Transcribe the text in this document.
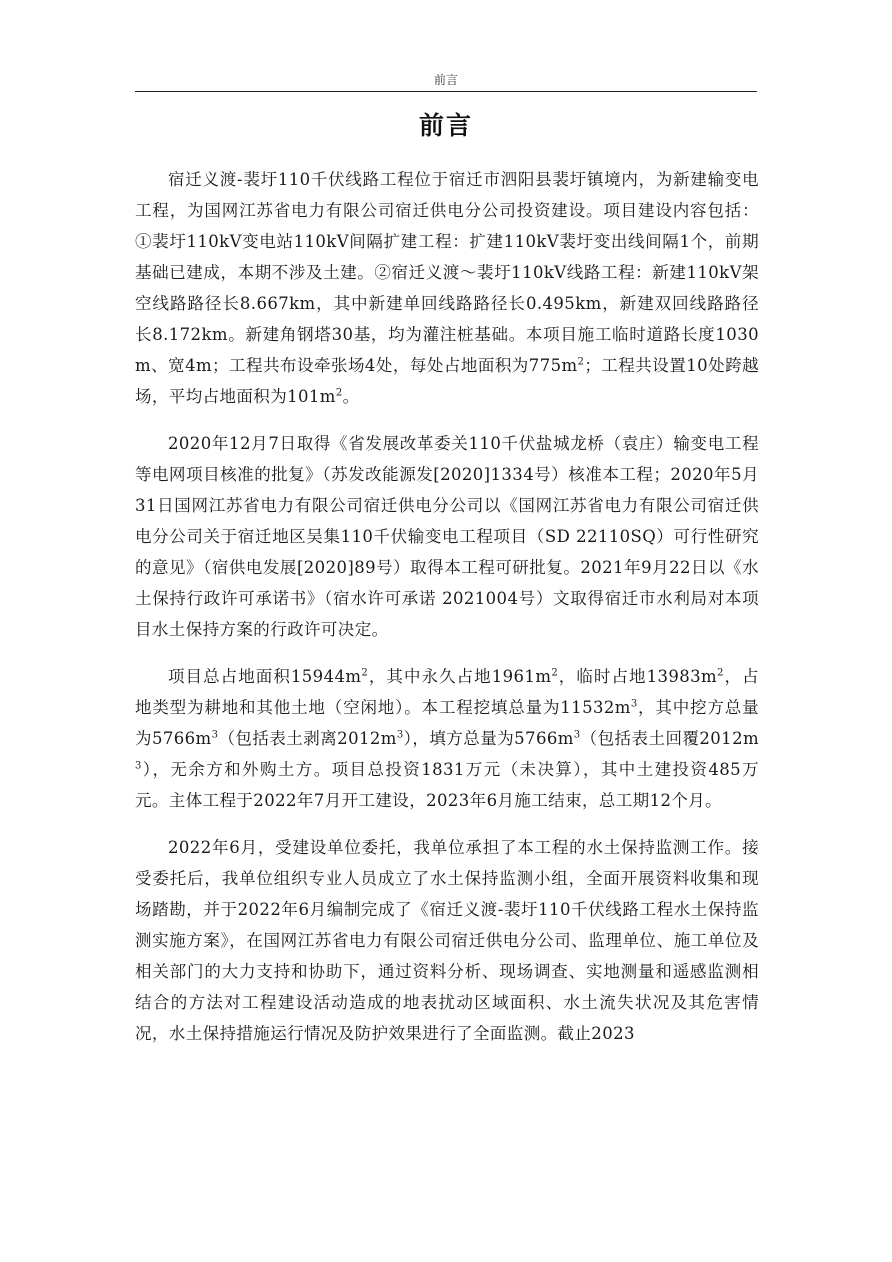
前言
前言

宿迁义渡-裴圩110千伏线路工程位于宿迁市泗阳县裴圩镇境内，为新建输变电工程，为国网江苏省电力有限公司宿迁供电分公司投资建设。项目建设内容包括：①裴圩110kV变电站110kV间隔扩建工程：扩建110kV裴圩变出线间隔1个，前期基础已建成，本期不涉及土建。②宿迁义渡～裴圩110kV线路工程：新建110kV架空线路路径长8.667km，其中新建单回线路路径长0.495km，新建双回线路路径长8.172km。新建角钢塔30基，均为灌注桩基础。本项目施工临时道路长度1030m、宽4m；工程共布设牵张场4处，每处占地面积为$775m^2$；工程共设置10处跨越场，平均占地面积为$101m^2$。

2020年12月7日取得《省发展改革委关110千伏盐城龙桥（袁庄）输变电工程等电网项目核准的批复》（苏发改能源发[2020]1334号）核准本工程；2020年5月31日国网江苏省电力有限公司宿迁供电分公司以《国网江苏省电力有限公司宿迁供电分公司关于宿迁地区吴集110千伏输变电工程项目（SD 22110SQ）可行性研究的意见》（宿供电发展[2020]89号）取得本工程可研批复。2021年9月22日以《水土保持行政许可承诺书》（宿水许可承诺 2021004号）文取得宿迁市水利局对本项目水土保持方案的行政许可决定。

项目总占地面积$15944m^2$，其中永久占地$1961m^2$，临时占地$13983m^2$，占地类型为耕地和其他土地（空闲地）。本工程挖填总量为$11532m^3$，其中挖方总量为$5766m^3$（包括表土剥离$2012m^3$），填方总量为$5766m^3$（包括表土回覆$2012m^3$），无余方和外购土方。项目总投资1831万元（未决算），其中土建投资485万元。主体工程于2022年7月开工建设，2023年6月施工结束，总工期12个月。

2022年6月，受建设单位委托，我单位承担了本工程的水土保持监测工作。接受委托后，我单位组织专业人员成立了水土保持监测小组，全面开展资料收集和现场踏勘，并于2022年6月编制完成了《宿迁义渡-裴圩110千伏线路工程水土保持监测实施方案》，在国网江苏省电力有限公司宿迁供电分公司、监理单位、施工单位及相关部门的大力支持和协助下，通过资料分析、现场调查、实地测量和遥感监测相结合的方法对工程建设活动造成的地表扰动区域面积、水土流失状况及其危害情况，水土保持措施运行情况及防护效果进行了全面监测。截止2023
